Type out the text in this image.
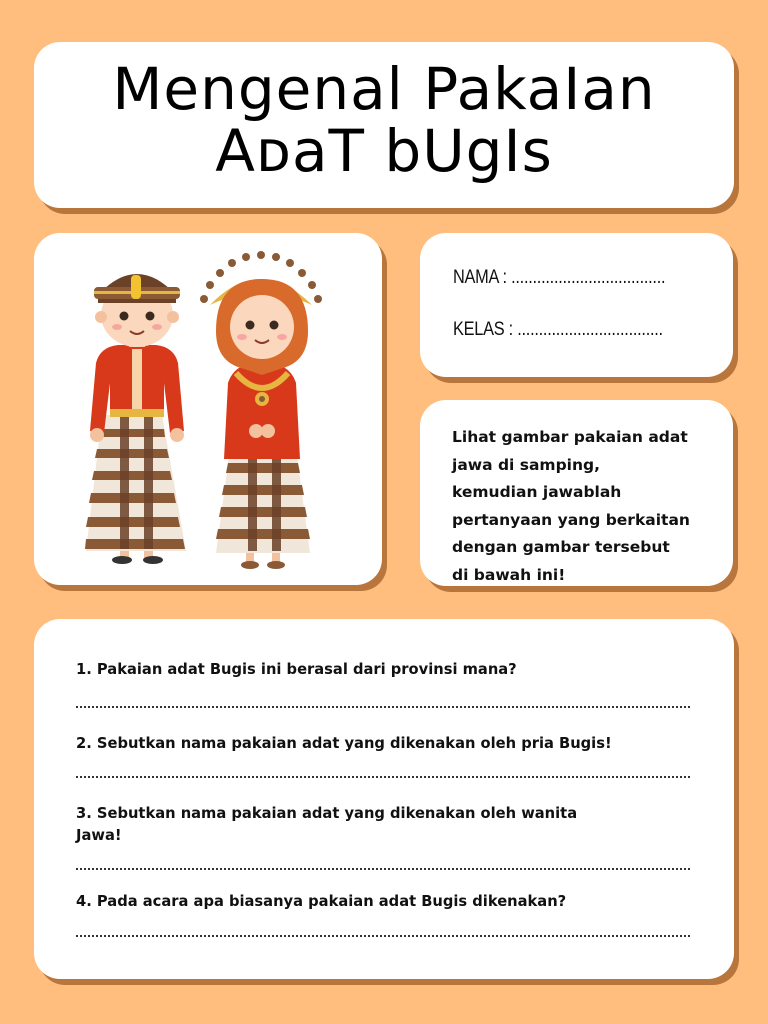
Mengenal PakaIan
AᴅaT bUgIs
NAMA : ....................................
KELAS : ..................................

Lihat gambar pakaian adat
jawa di samping,
kemudian jawablah
pertanyaan yang berkaitan
dengan gambar tersebut
di bawah ini!

1. Pakaian adat Bugis ini berasal dari provinsi mana?

2. Sebutkan nama pakaian adat yang dikenakan oleh pria Bugis!

3. Sebutkan nama pakaian adat yang dikenakan oleh wanita
Jawa!

4. Pada acara apa biasanya pakaian adat Bugis dikenakan?
